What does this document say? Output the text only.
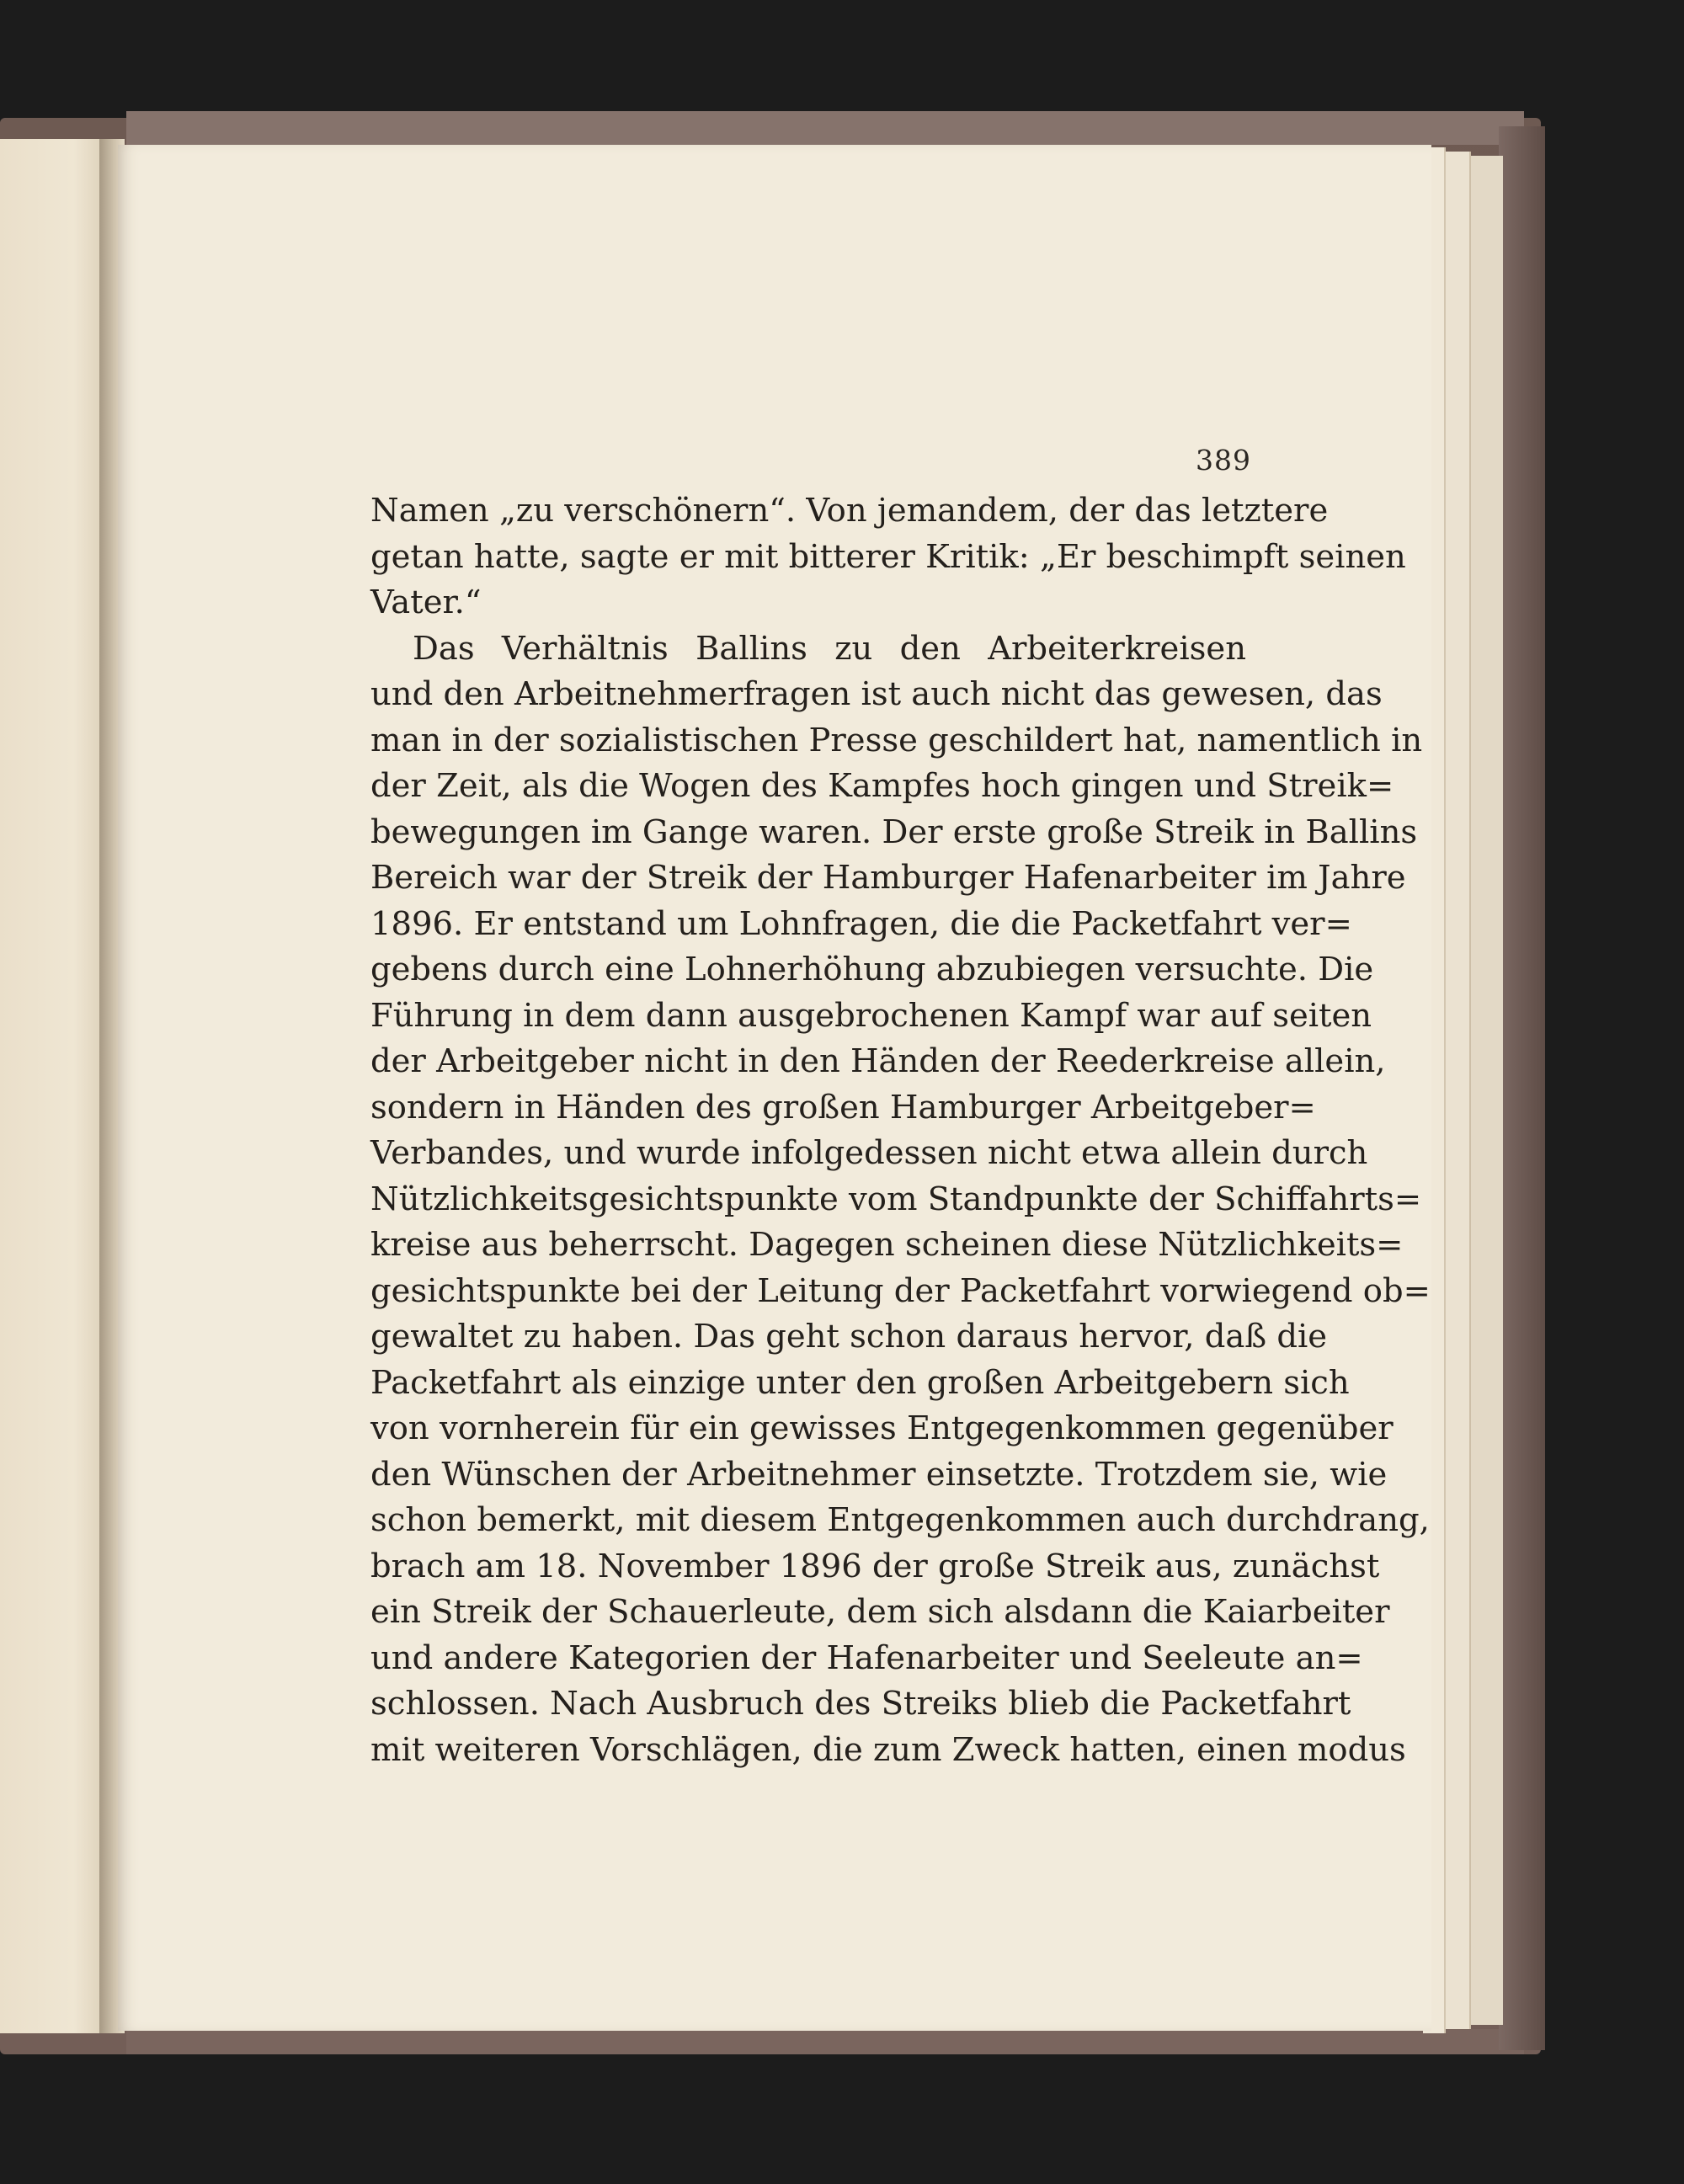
389
Namen „zu verschönern“. Von jemandem, der das letztere
getan hatte, sagte er mit bitterer Kritik: „Er beschimpft seinen
Vater.“
Das Verhältnis Ballins zu den Arbeiterkreisen
und den Arbeitnehmerfragen ist auch nicht das gewesen, das
man in der sozialistischen Presse geschildert hat, namentlich in
der Zeit, als die Wogen des Kampfes hoch gingen und Streik=
bewegungen im Gange waren. Der erste große Streik in Ballins
Bereich war der Streik der Hamburger Hafenarbeiter im Jahre
1896. Er entstand um Lohnfragen, die die Packetfahrt ver=
gebens durch eine Lohnerhöhung abzubiegen versuchte. Die
Führung in dem dann ausgebrochenen Kampf war auf seiten
der Arbeitgeber nicht in den Händen der Reederkreise allein,
sondern in Händen des großen Hamburger Arbeitgeber=
Verbandes, und wurde infolgedessen nicht etwa allein durch
Nützlichkeitsgesichtspunkte vom Standpunkte der Schiffahrts=
kreise aus beherrscht. Dagegen scheinen diese Nützlichkeits=
gesichtspunkte bei der Leitung der Packetfahrt vorwiegend ob=
gewaltet zu haben. Das geht schon daraus hervor, daß die
Packetfahrt als einzige unter den großen Arbeitgebern sich
von vornherein für ein gewisses Entgegenkommen gegenüber
den Wünschen der Arbeitnehmer einsetzte. Trotzdem sie, wie
schon bemerkt, mit diesem Entgegenkommen auch durchdrang,
brach am 18. November 1896 der große Streik aus, zunächst
ein Streik der Schauerleute, dem sich alsdann die Kaiarbeiter
und andere Kategorien der Hafenarbeiter und Seeleute an=
schlossen. Nach Ausbruch des Streiks blieb die Packetfahrt
mit weiteren Vorschlägen, die zum Zweck hatten, einen modus
